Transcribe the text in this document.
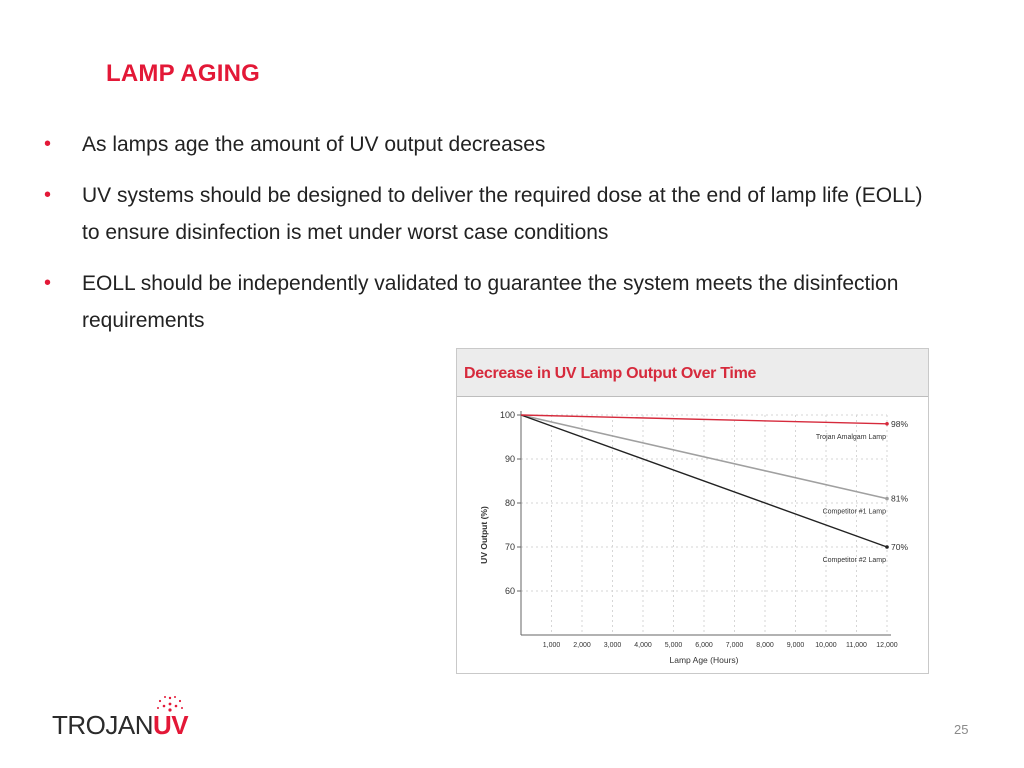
LAMP AGING
• As lamps age the amount of UV output decreases
• UV systems should be designed to deliver the required dose at the end of lamp life (EOLL) to ensure disinfection is met under worst case conditions
• EOLL should be independently validated to guarantee the system meets the disinfection requirements
Decrease in UV Lamp Output Over Time
100
90
80
70
60
1,000 2,000 3,000 4,000 5,000 6,000 7,000 8,000 9,000 10,000 11,000 12,000
Lamp Age (Hours)
UV Output (%)
98%
Trojan Amalgam Lamp
81%
Competitor #1 Lamp
70%
Competitor #2 Lamp
TROJANUV	25
